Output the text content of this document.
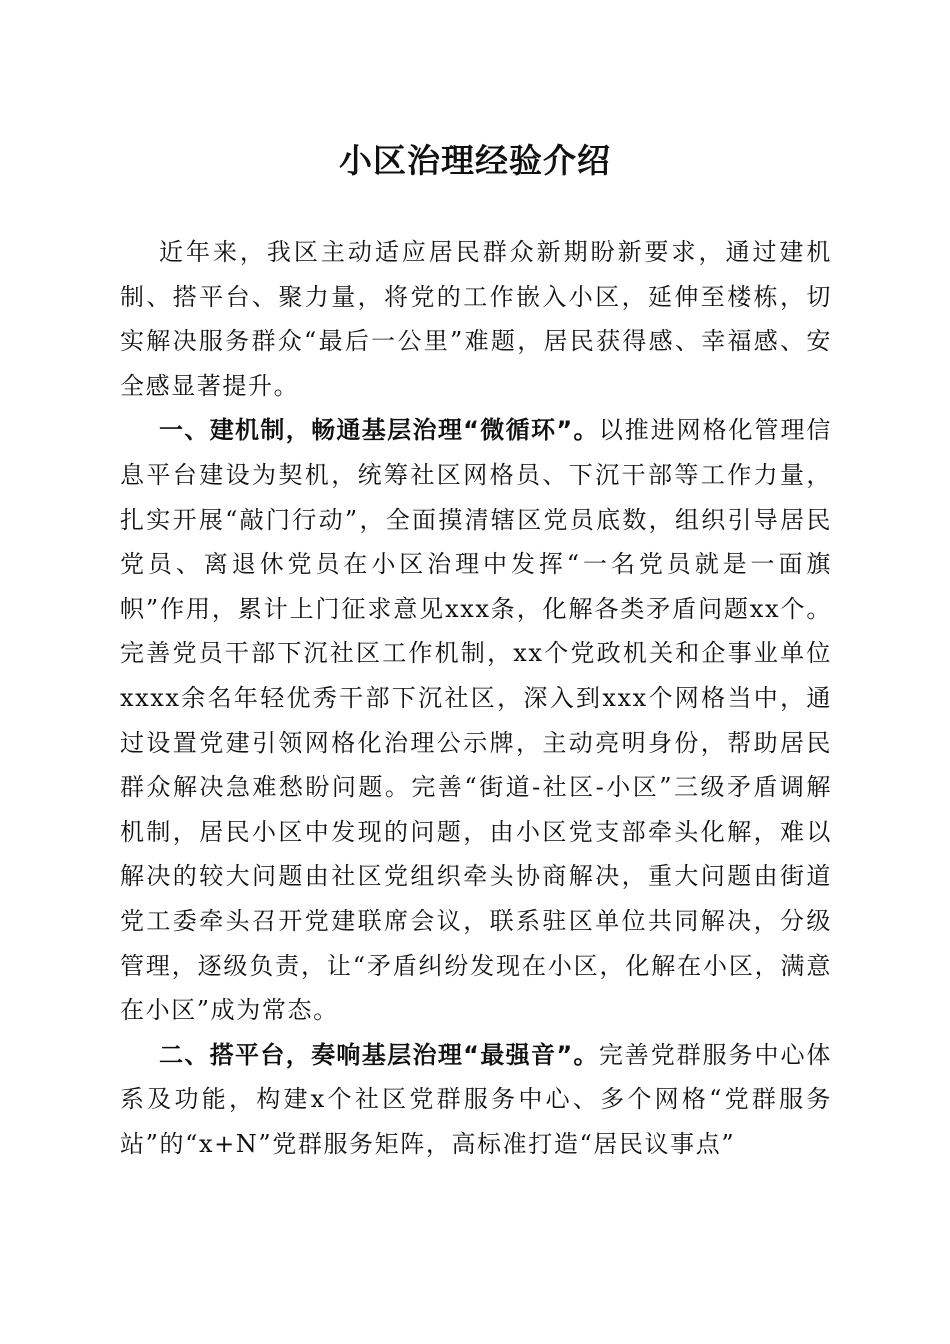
小区治理经验介绍

近年来，我区主动适应居民群众新期盼新要求，通过建机制、搭平台、聚力量，将党的工作嵌入小区，延伸至楼栋，切实解决服务群众“最后一公里”难题，居民获得感、幸福感、安全感显著提升。

一、建机制，畅通基层治理“微循环”。以推进网格化管理信息平台建设为契机，统筹社区网格员、下沉干部等工作力量，扎实开展“敲门行动”，全面摸清辖区党员底数，组织引导居民党员、离退休党员在小区治理中发挥“一名党员就是一面旗帜”作用，累计上门征求意见xxx条，化解各类矛盾问题xx个。完善党员干部下沉社区工作机制，xx个党政机关和企事业单位xxxx余名年轻优秀干部下沉社区，深入到xxx个网格当中，通过设置党建引领网格化治理公示牌，主动亮明身份，帮助居民群众解决急难愁盼问题。完善“街道-社区-小区”三级矛盾调解机制，居民小区中发现的问题，由小区党支部牵头化解，难以解决的较大问题由社区党组织牵头协商解决，重大问题由街道党工委牵头召开党建联席会议，联系驻区单位共同解决，分级管理，逐级负责，让“矛盾纠纷发现在小区，化解在小区，满意在小区”成为常态。

二、搭平台，奏响基层治理“最强音”。完善党群服务中心体系及功能，构建x个社区党群服务中心、多个网格“党群服务站”的“x+N”党群服务矩阵，高标准打造“居民议事点”
